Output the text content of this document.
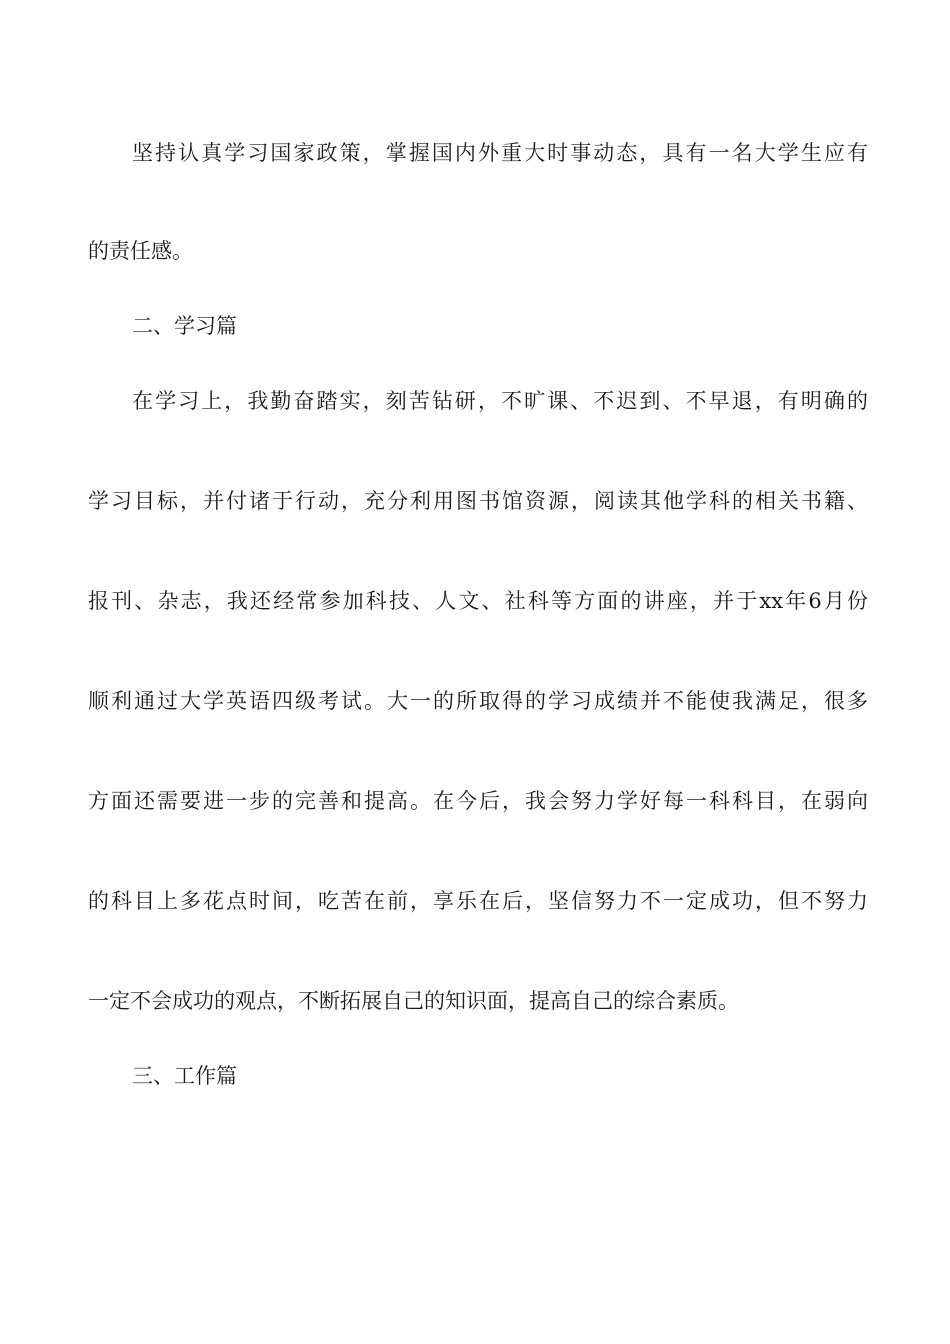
坚持认真学习国家政策，掌握国内外重大时事动态，具有一名大学生应有
的责任感。
二、学习篇
在学习上，我勤奋踏实，刻苦钻研，不旷课、不迟到、不早退，有明确的
学习目标，并付诸于行动，充分利用图书馆资源，阅读其他学科的相关书籍、
报刊、杂志，我还经常参加科技、人文、社科等方面的讲座，并于xx年6月份
顺利通过大学英语四级考试。大一的所取得的学习成绩并不能使我满足，很多
方面还需要进一步的完善和提高。在今后，我会努力学好每一科科目，在弱向
的科目上多花点时间，吃苦在前，享乐在后，坚信努力不一定成功，但不努力
一定不会成功的观点，不断拓展自己的知识面，提高自己的综合素质。
三、工作篇
